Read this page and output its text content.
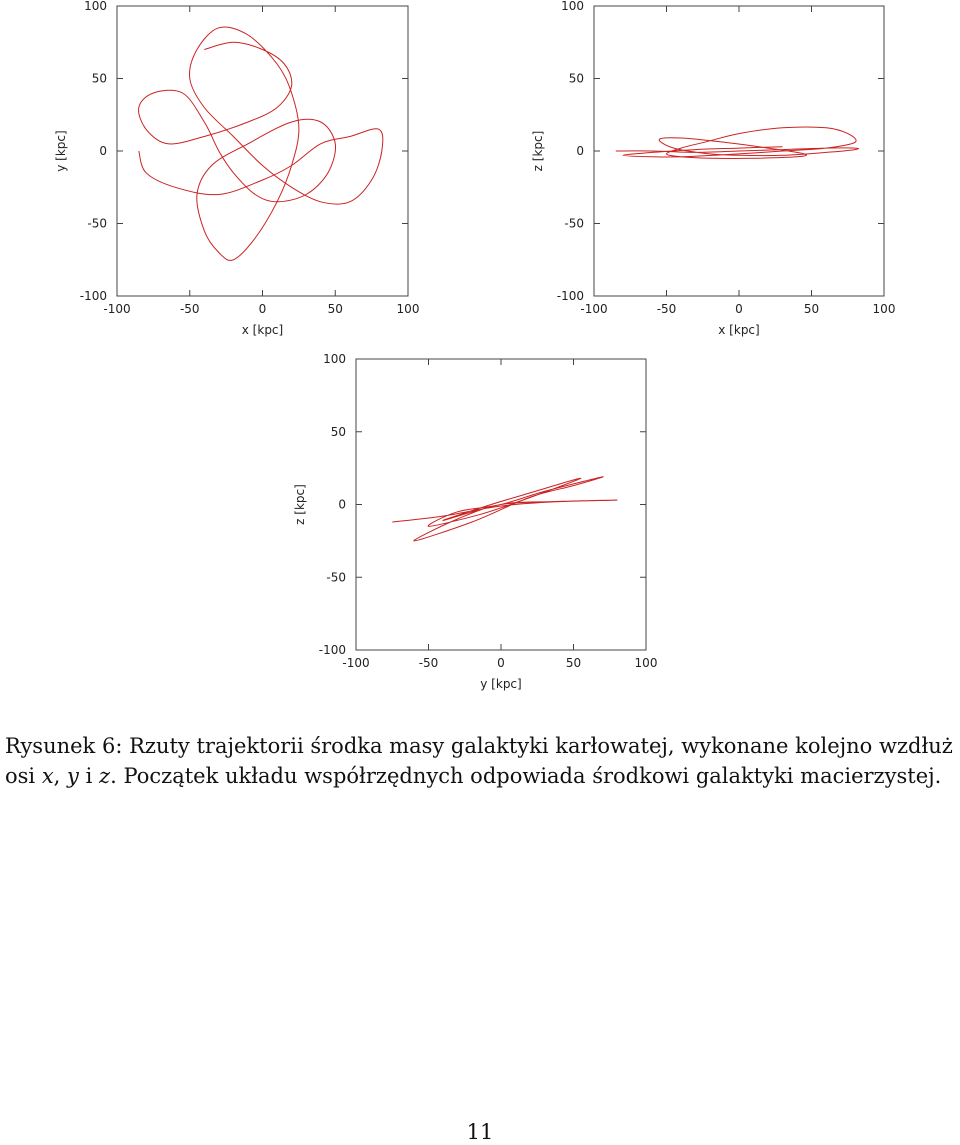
-100	-50	0	50	100
100
50
0
-50
-100
x [kpc]
y [kpc]
-100	-50	0	50	100
100
50
0
-50
-100
x [kpc]
z [kpc]
-100	-50	0	50	100
100
50
0
-50
-100
y [kpc]
z [kpc]

Rysunek 6: Rzuty trajektorii środka masy galaktyki karłowatej, wykonane kolejno wzdłuż osi x, y i z. Początek układu współrzędnych odpowiada środkowi galaktyki macierzystej.

11
